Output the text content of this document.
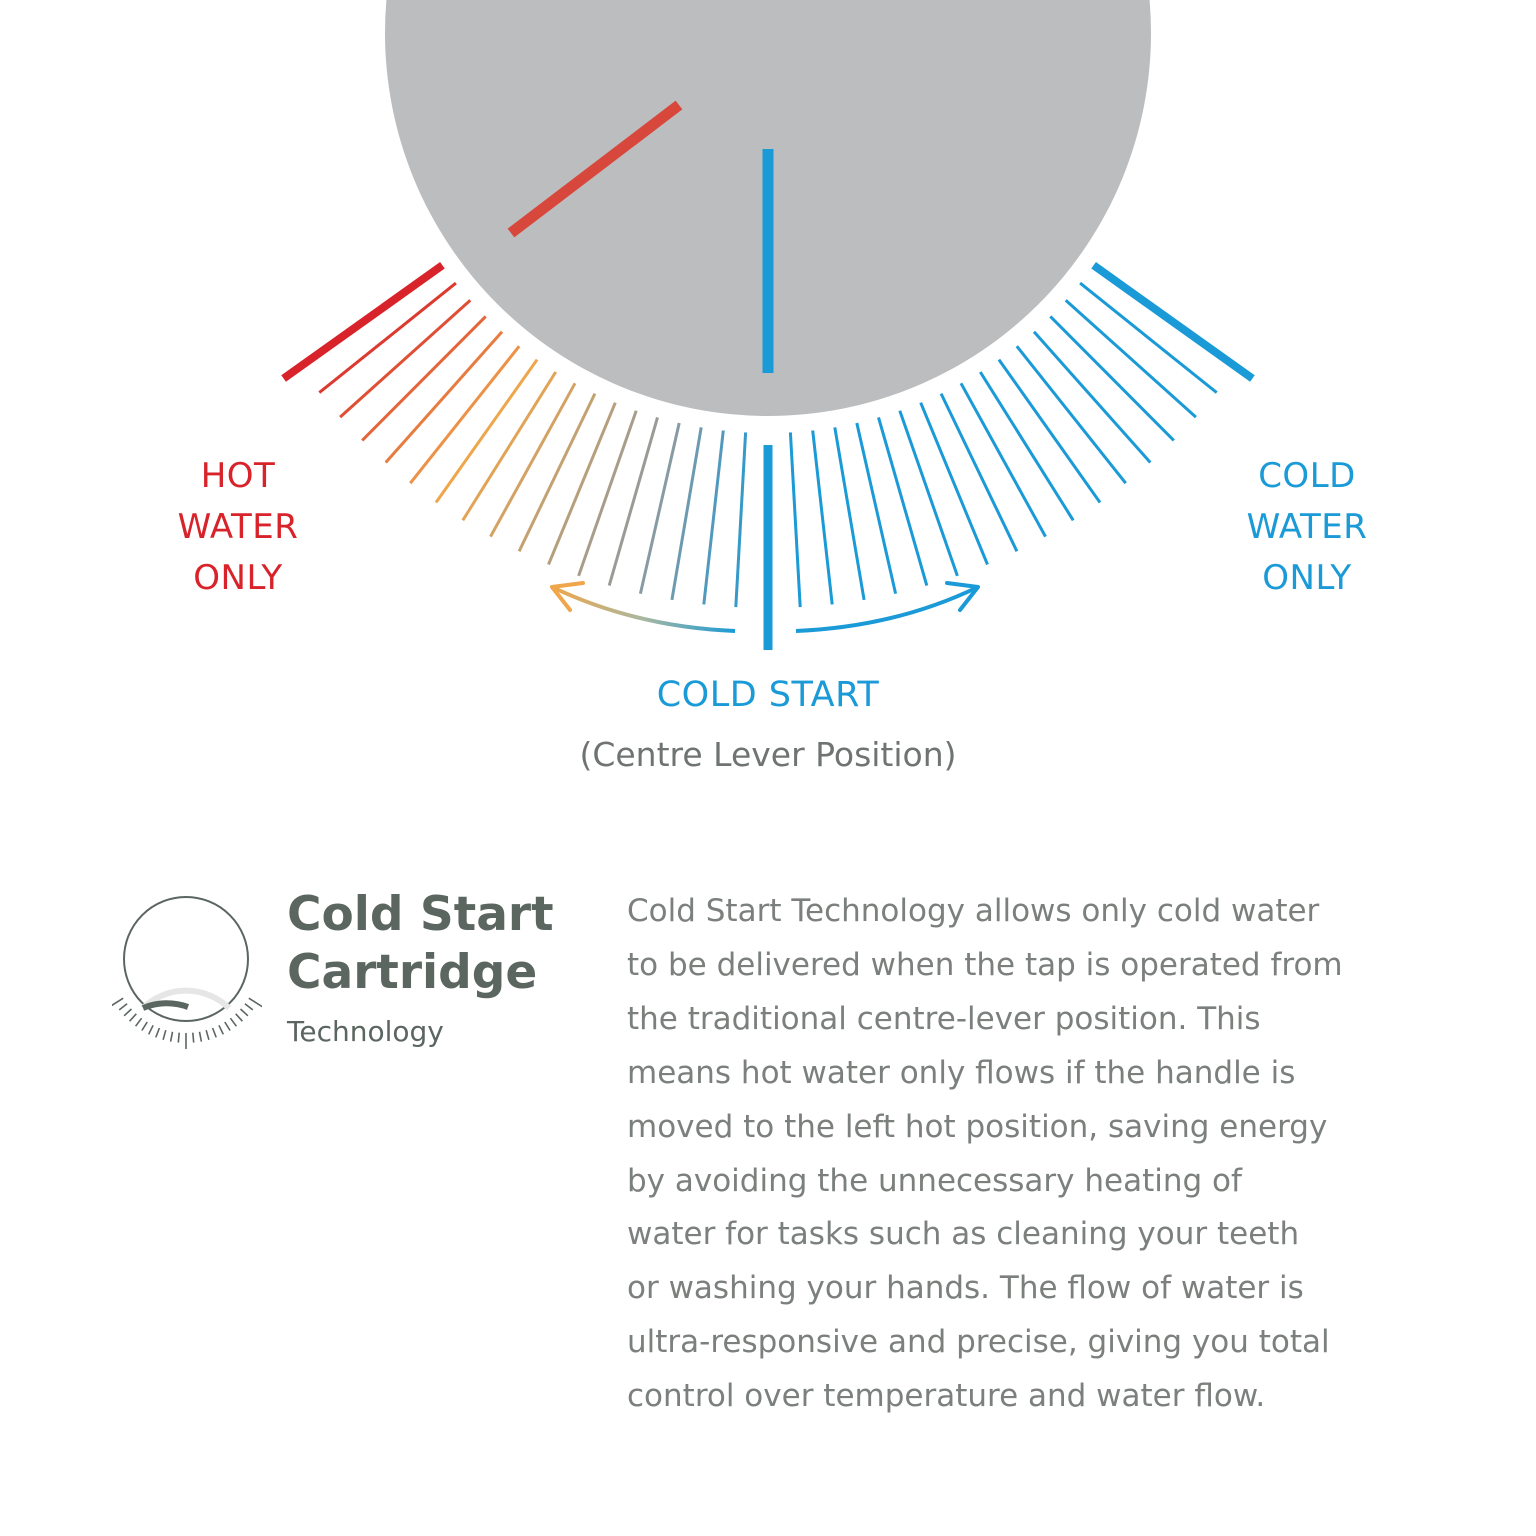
HOT
WATER
ONLY
COLD
WATER
ONLY
COLD START
(Centre Lever Position)
Cold Start
Cartridge
Technology
Cold Start Technology allows only cold water
to be delivered when the tap is operated from
the traditional centre-lever position. This
means hot water only flows if the handle is
moved to the left hot position, saving energy
by avoiding the unnecessary heating of
water for tasks such as cleaning your teeth
or washing your hands. The flow of water is
ultra-responsive and precise, giving you total
control over temperature and water flow.
